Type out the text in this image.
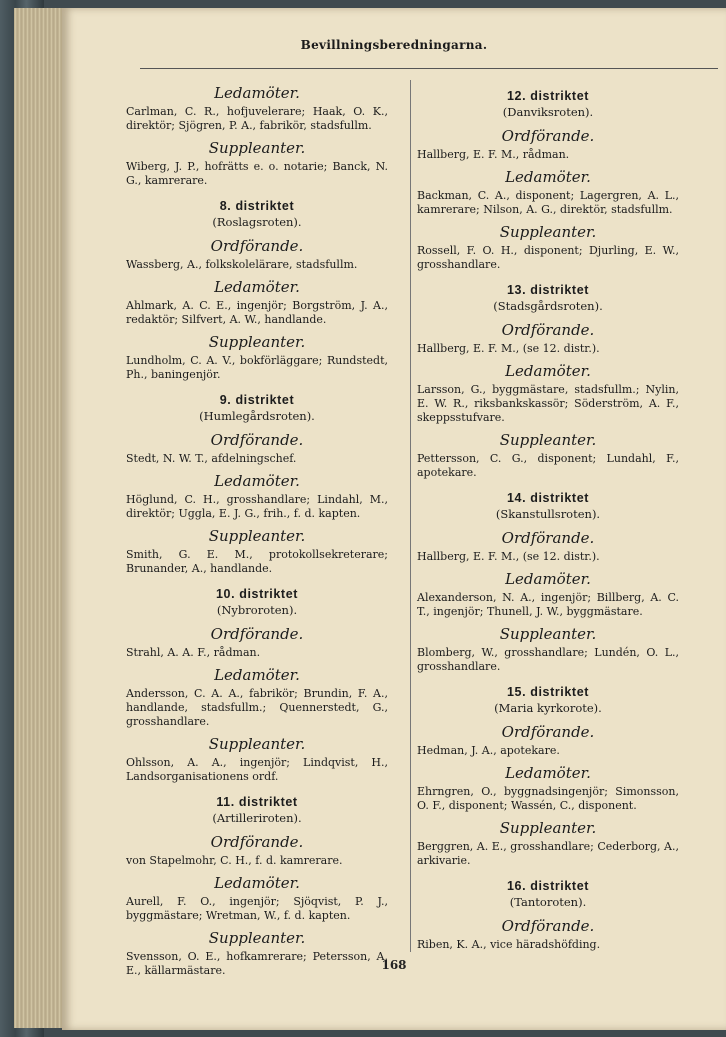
Bevillningsberedningarna.
Ledamöter.
Carlman, C. R., hofjuvelerare; Haak, O. K., direktör; Sjögren, P. A., fabrikör, stadsfullm.
Suppleanter.
Wiberg, J. P., hofrätts e. o. notarie; Banck, N. G., kamrerare.
8. distriktet
(Roslagsroten).
Ordförande.
Wassberg, A., folkskolelärare, stadsfullm.
Ledamöter.
Ahlmark, A. C. E., ingenjör; Borgström, J. A., redaktör; Silfvert, A. W., handlande.
Suppleanter.
Lundholm, C. A. V., bokförläggare; Rundstedt, Ph., baningenjör.
9. distriktet
(Humlegårdsroten).
Ordförande.
Stedt, N. W. T., afdelningschef.
Ledamöter.
Höglund, C. H., grosshandlare; Lindahl, M., direktör; Uggla, E. J. G., frih., f. d. kapten.
Suppleanter.
Smith, G. E. M., protokollsekreterare; Brunander, A., handlande.
10. distriktet
(Nybroroten).
Ordförande.
Strahl, A. A. F., rådman.
Ledamöter.
Andersson, C. A. A., fabrikör; Brundin, F. A., handlande, stadsfullm.; Quennerstedt, G., grosshandlare.
Suppleanter.
Ohlsson, A. A., ingenjör; Lindqvist, H., Landsorganisationens ordf.
11. distriktet
(Artilleriroten).
Ordförande.
von Stapelmohr, C. H., f. d. kamrerare.
Ledamöter.
Aurell, F. O., ingenjör; Sjöqvist, P. J., byggmästare; Wretman, W., f. d. kapten.
Suppleanter.
Svensson, O. E., hofkamrerare; Petersson, A. E., källarmästare.
12. distriktet
(Danviksroten).
Ordförande.
Hallberg, E. F. M., rådman.
Ledamöter.
Backman, C. A., disponent; Lagergren, A. L., kamrerare; Nilson, A. G., direktör, stadsfullm.
Suppleanter.
Rossell, F. O. H., disponent; Djurling, E. W., grosshandlare.
13. distriktet
(Stadsgårdsroten).
Ordförande.
Hallberg, E. F. M., (se 12. distr.).
Ledamöter.
Larsson, G., byggmästare, stadsfullm.; Nylin, E. W. R., riksbankskassör; Söderström, A. F., skeppsstufvare.
Suppleanter.
Pettersson, C. G., disponent; Lundahl, F., apotekare.
14. distriktet
(Skanstullsroten).
Ordförande.
Hallberg, E. F. M., (se 12. distr.).
Ledamöter.
Alexanderson, N. A., ingenjör; Billberg, A. C. T., ingenjör; Thunell, J. W., byggmästare.
Suppleanter.
Blomberg, W., grosshandlare; Lundén, O. L., grosshandlare.
15. distriktet
(Maria kyrkorote).
Ordförande.
Hedman, J. A., apotekare.
Ledamöter.
Ehrngren, O., byggnadsingenjör; Simonsson, O. F., disponent; Wassén, C., disponent.
Suppleanter.
Berggren, A. E., grosshandlare; Cederborg, A., arkivarie.
16. distriktet
(Tantoroten).
Ordförande.
Riben, K. A., vice häradshöfding.
168
